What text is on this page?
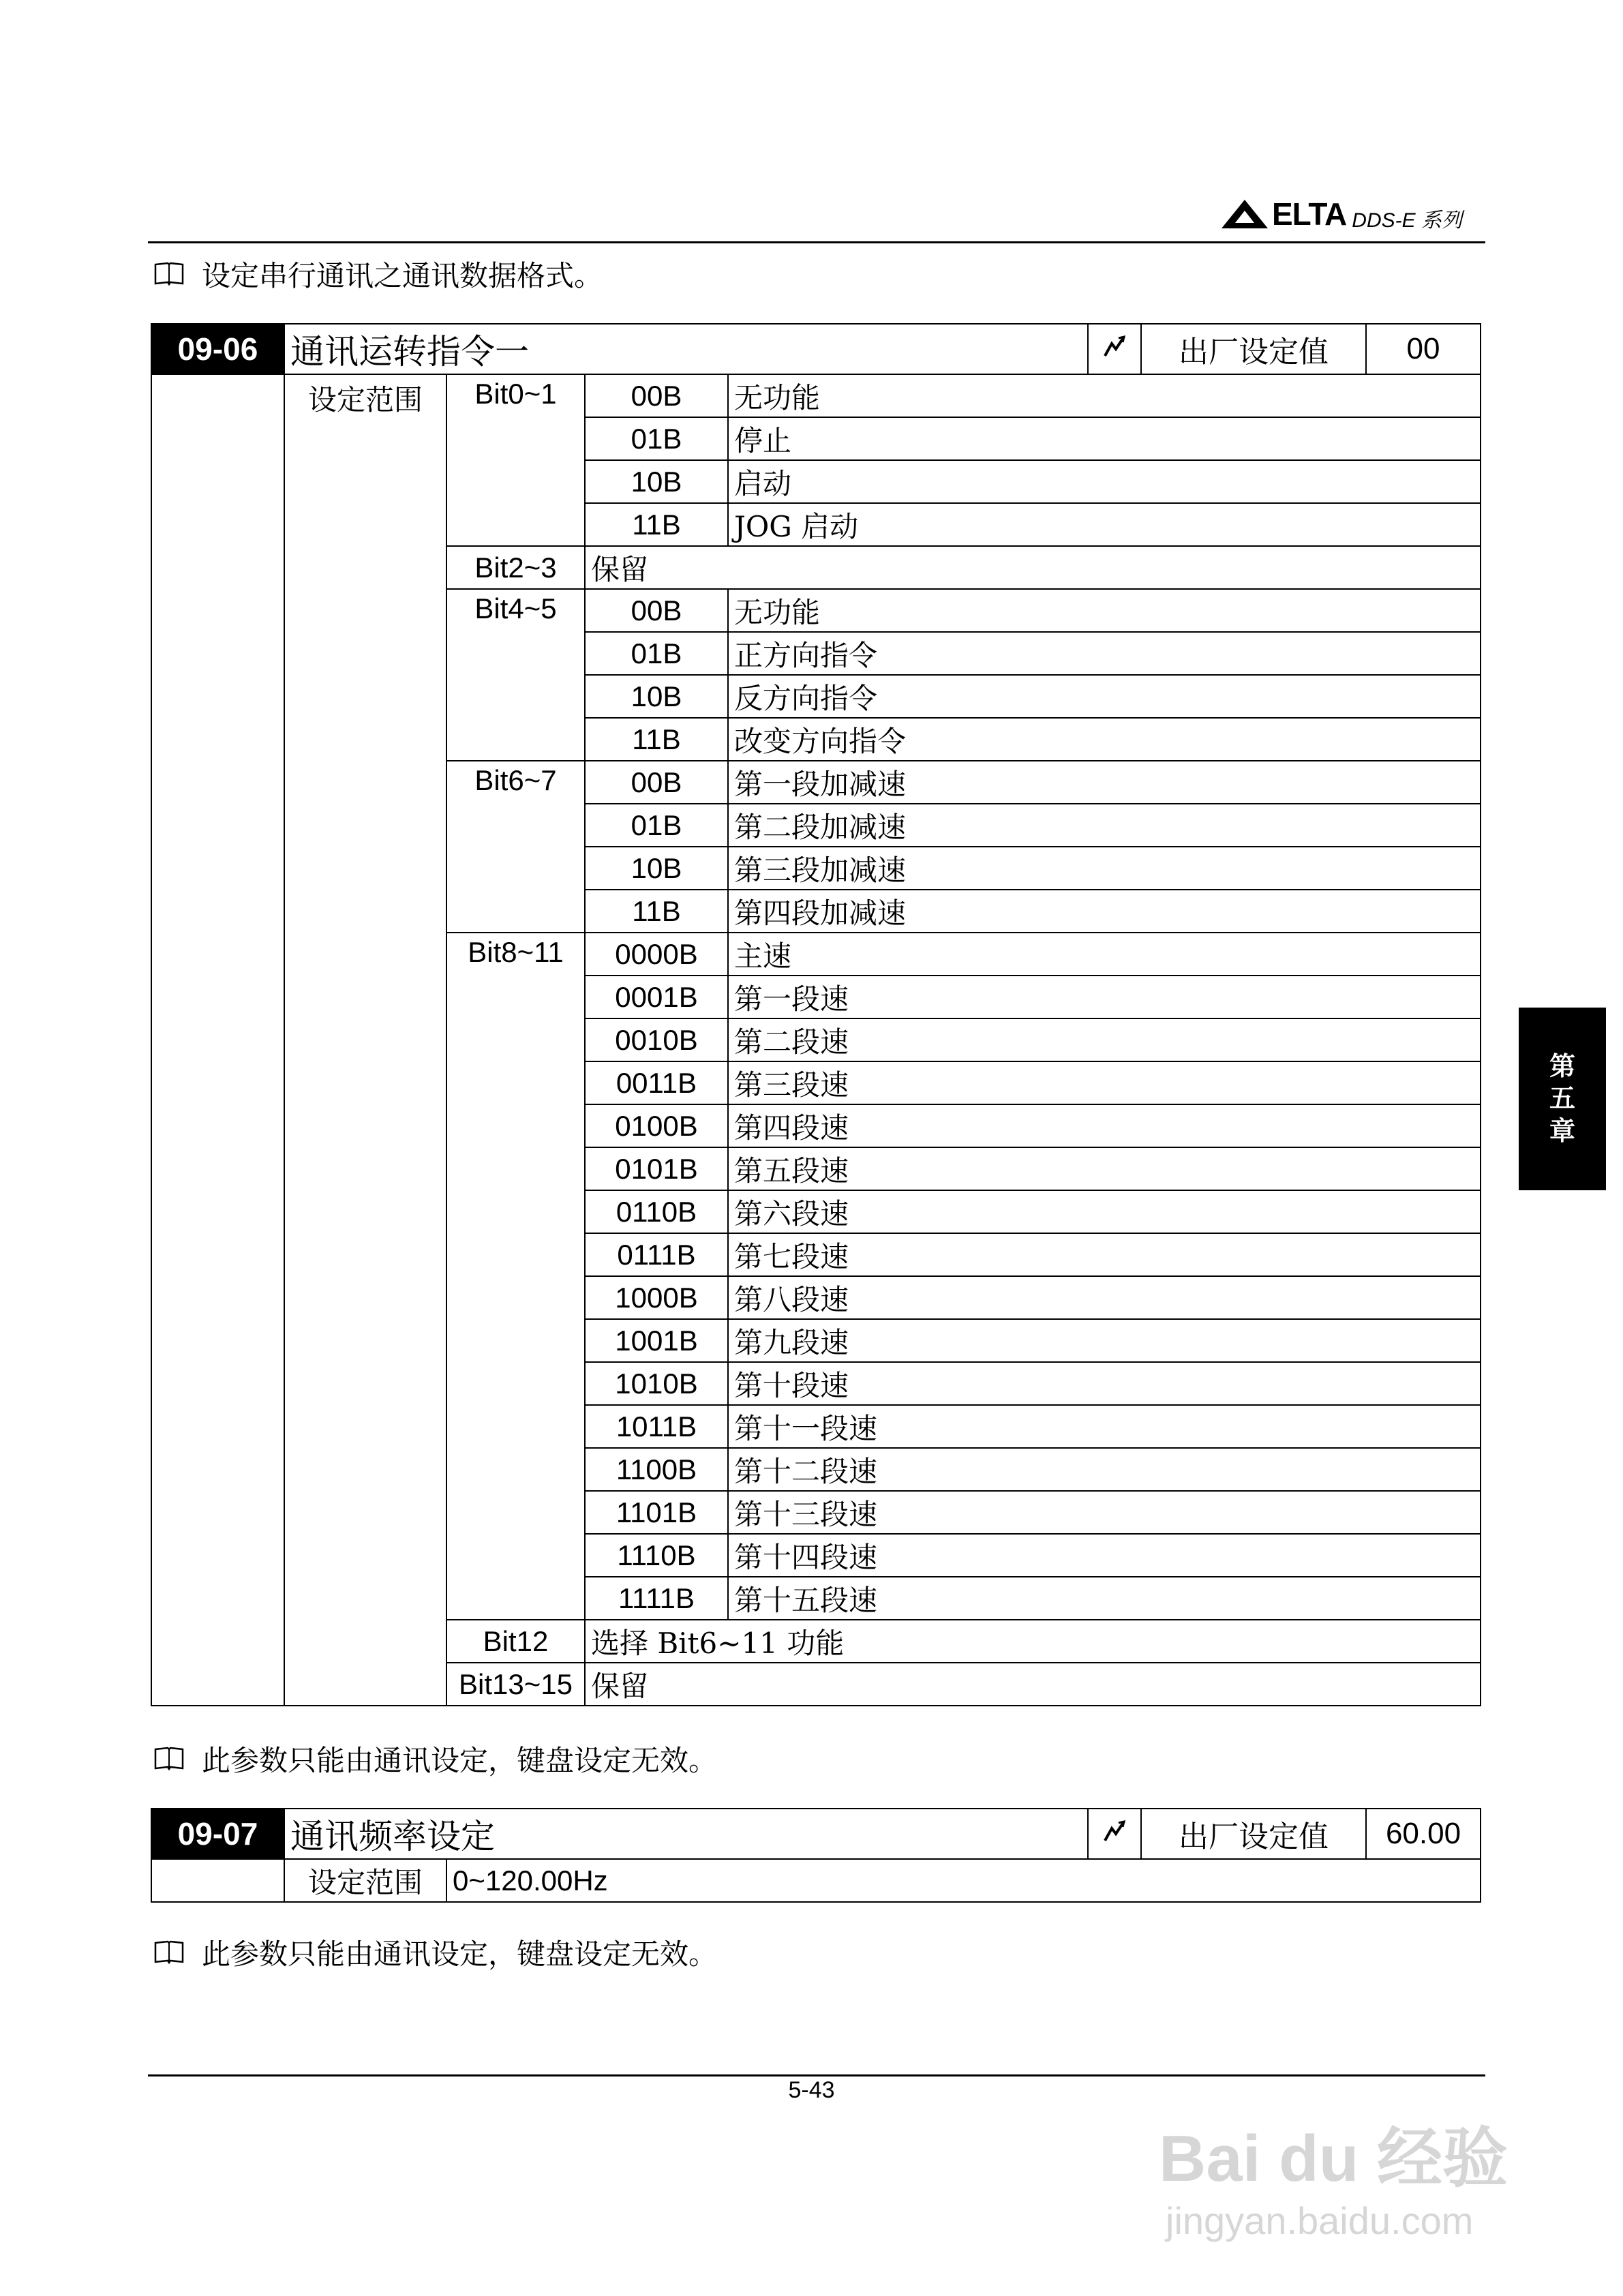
ELTA DDS-E 系列
设定串行通讯之通讯数据格式。
09-06	通讯运转指令一					出厂设定值	00
	设定范围	Bit0~1	00B	无功能			
			01B	停止			
			10B	启动			
			11B	JOG 启动			
		Bit2~3	保留				
		Bit4~5	00B	无功能			
			01B	正方向指令			
			10B	反方向指令			
			11B	改变方向指令			
		Bit6~7	00B	第一段加减速			
			01B	第二段加减速			
			10B	第三段加减速			
			11B	第四段加减速			
		Bit8~11	0000B	主速			
			0001B	第一段速			
			0010B	第二段速			
			0011B	第三段速			
			0100B	第四段速			
			0101B	第五段速			
			0110B	第六段速			
			0111B	第七段速			
			1000B	第八段速			
			1001B	第九段速			
			1010B	第十段速			
			1011B	第十一段速			
			1100B	第十二段速			
			1101B	第十三段速			
			1110B	第十四段速			
			1111B	第十五段速			
		Bit12	选择 Bit6~11 功能				
		Bit13~15	保留				
此参数只能由通讯设定，键盘设定无效。
09-07	通讯频率设定			出厂设定值	60.00
	设定范围	0~120.00Hz			
此参数只能由通讯设定，键盘设定无效。
第
五
章
5-43
Bai du 经验
jingyan.baidu.com
